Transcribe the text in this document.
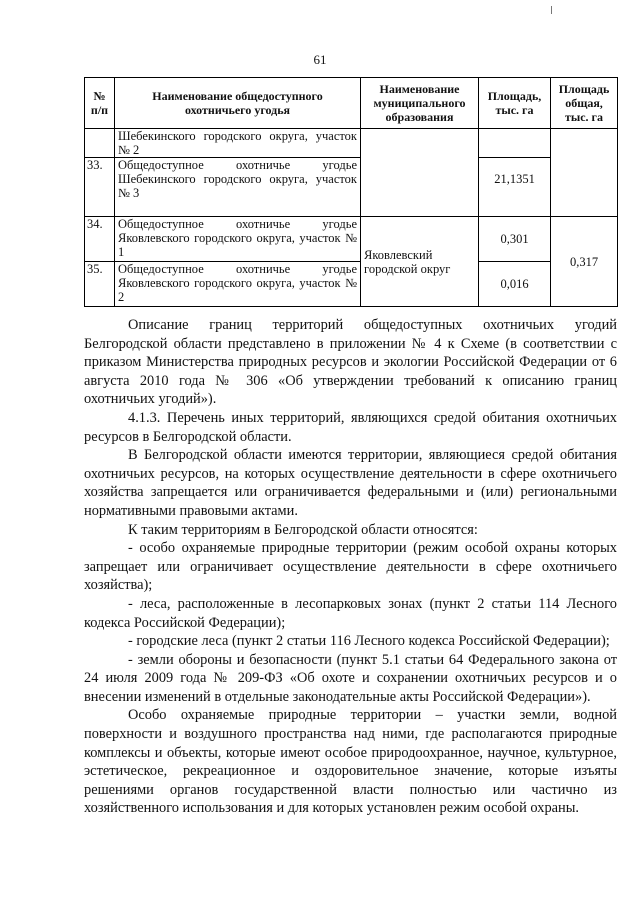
61
№ п/п	Наименование общедоступного охотничьего угодья	Наименование муниципального образования	Площадь, тыс. га	Площадь общая, тыс. га
	Шебекинского городского округа, участок № 2			
33.	Общедоступное охотничье угодье Шебекинского городского округа, участок № 3		21,1351	
34.	Общедоступное охотничье угодье Яковлевского городского округа, участок № 1	Яковлевский городской округ	0,301	0,317
35.	Общедоступное охотничье угодье Яковлевского городского округа, участок № 2		0,016	

Описание границ территорий общедоступных охотничьих угодий Белгородской области представлено в приложении № 4 к Схеме (в соответствии с приказом Министерства природных ресурсов и экологии Российской Федерации от 6 августа 2010 года № 306 «Об утверждении требований к описанию границ охотничьих угодий»).

4.1.3. Перечень иных территорий, являющихся средой обитания охотничьих ресурсов в Белгородской области.

В Белгородской области имеются территории, являющиеся средой обитания охотничьих ресурсов, на которых осуществление деятельности в сфере охотничьего хозяйства запрещается или ограничивается федеральными и (или) региональными нормативными правовыми актами.

К таким территориям в Белгородской области относятся:

- особо охраняемые природные территории (режим особой охраны которых запрещает или ограничивает осуществление деятельности в сфере охотничьего хозяйства);

- леса, расположенные в лесопарковых зонах (пункт 2 статьи 114 Лесного кодекса Российской Федерации);

- городские леса (пункт 2 статьи 116 Лесного кодекса Российской Федерации);

- земли обороны и безопасности (пункт 5.1 статьи 64 Федерального закона от 24 июля 2009 года № 209-ФЗ «Об охоте и сохранении охотничьих ресурсов и о внесении изменений в отдельные законодательные акты Российской Федерации»).

Особо охраняемые природные территории – участки земли, водной поверхности и воздушного пространства над ними, где располагаются природные комплексы и объекты, которые имеют особое природоохранное, научное, культурное, эстетическое, рекреационное и оздоровительное значение, которые изъяты решениями органов государственной власти полностью или частично из хозяйственного использования и для которых установлен режим особой охраны.
